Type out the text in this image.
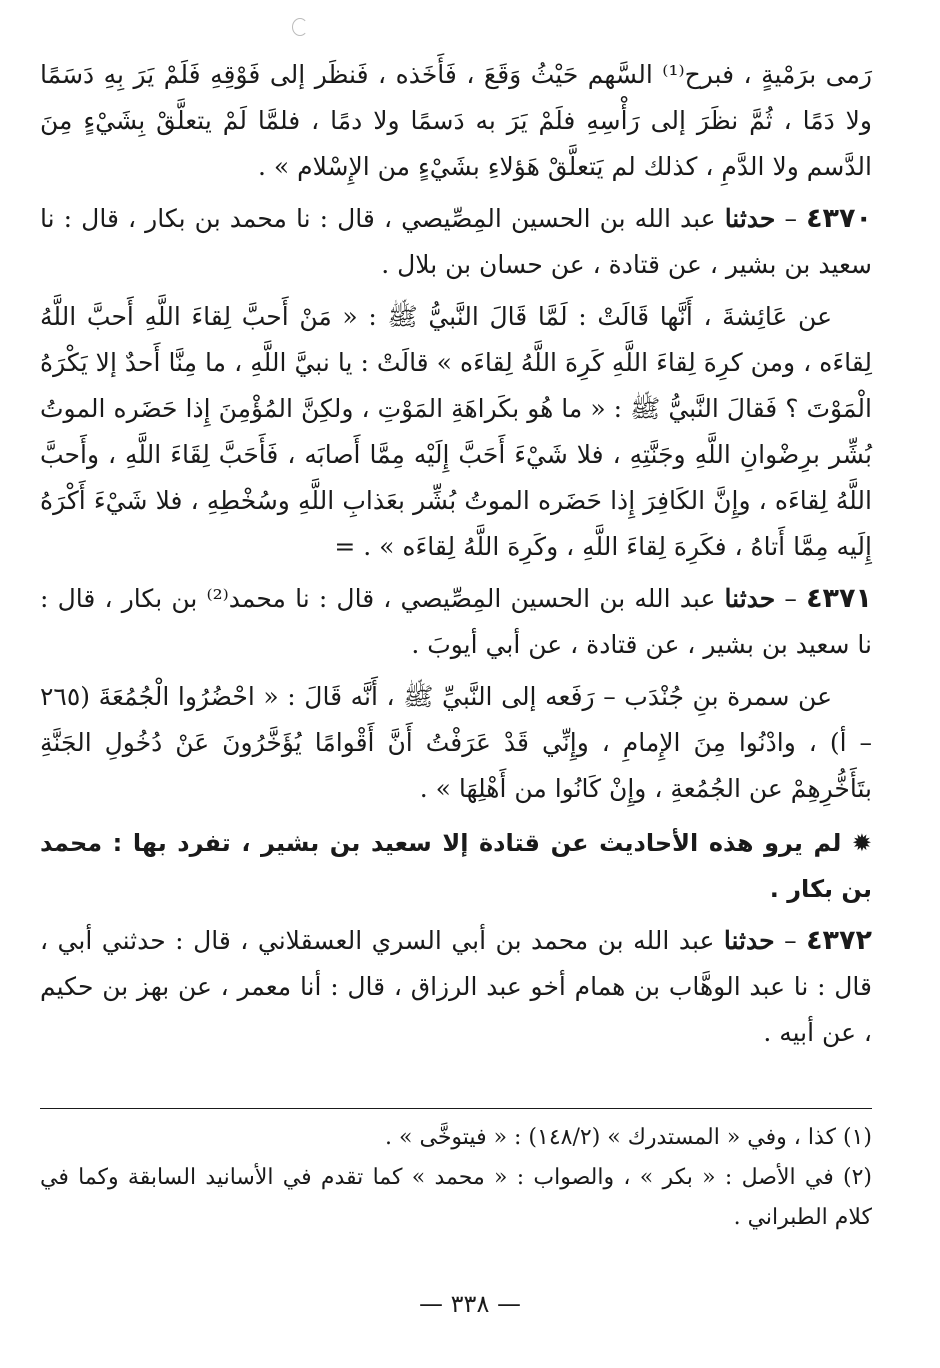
رَمى برَمْيةٍ ، فبرح⁽¹⁾ السَّهم حَيْثُ وَقَعَ ، فَأَخَذه ، فَنظَر إلى فَوْقِهِ فَلَمْ يَرَ بِهِ دَسَمًا ولا دَمًا ، ثُمَّ نظَرَ إلى رَأْسِهِ فلَمْ يَرَ به دَسمًا ولا دمًا ، فلمَّا لَمْ يتعلَّقْ بِشَيْءٍ مِنَ الدَّسم ولا الدَّمِ ، كذلك لم يَتعلَّقْ هَؤلاءِ بشَيْءٍ من الإِسْلام » .

٤٣٧٠ – حدثنا عبد الله بن الحسين المِصِّيصي ، قال : نا محمد بن بكار ، قال : نا سعيد بن بشير ، عن قتادة ، عن حسان بن بلال .

عن عَائِشةَ ، أَنَّها قَالَتْ : لَمَّا قَالَ النَّبيُّ ﷺ : « مَنْ أَحبَّ لِقاءَ اللَّهِ أَحبَّ اللَّهُ لِقاءَه ، ومن كرِهَ لِقاءَ اللَّهِ كَرِهَ اللَّهُ لِقاءَه » قالَتْ : يا نبيَّ اللَّهِ ، ما مِنَّا أَحدٌ إلا يَكْرَهُ الْمَوْتَ ؟ فَقالَ النَّبيُّ ﷺ : « ما هُو بكَراهَةِ المَوْتِ ، ولكِنَّ المُؤْمِنَ إِذا حَضَره الموتُ بُشِّر برِضْوانِ اللَّهِ وجَنَّتِهِ ، فلا شَيْءَ أَحَبَّ إِلَيْه مِمَّا أَصابَه ، فَأَحَبَّ لِقَاءَ اللَّهِ ، وأَحبَّ اللَّهُ لِقاءَه ، وإِنَّ الكَافِرَ إِذا حَضَره الموتُ بُشِّر بعَذابِ اللَّهِ وسُخْطِهِ ، فلا شَيْءَ أَكْرَهُ إِلَيه مِمَّا أَتاهُ ، فكَرِهَ لِقاءَ اللَّهِ ، وكَرِهَ اللَّهُ لِقاءَه » . =

٤٣٧١ – حدثنا عبد الله بن الحسين المِصِّيصي ، قال : نا محمد⁽²⁾ بن بكار ، قال : نا سعيد بن بشير ، عن قتادة ، عن أبي أيوبَ .

عن سمرة بنِ جُنْدَب – رَفَعه إلى النَّبيِّ ﷺ ، أَنَّه قَالَ : « احْضُرُوا الْجُمُعَةَ (٢٦٥ – أ) ، وادْنُوا مِنَ الإِمامِ ، وإِنِّي قَدْ عَرَفْتُ أَنَّ أَقْوامًا يُؤَخَّرُونَ عَنْ دُخُولِ الجَنَّةِ بتَأَخُّرِهِمْ عن الجُمُعةِ ، وإِنْ كَانُوا من أَهْلِهَا » .

✹ لم يرو هذه الأحاديث عن قتادة إلا سعيد بن بشير ، تفرد بها : محمد بن بكار .

٤٣٧٢ – حدثنا عبد الله بن محمد بن أبي السري العسقلاني ، قال : حدثني أبي ، قال : نا عبد الوهَّاب بن همام أخو عبد الرزاق ، قال : أنا معمر ، عن بهز بن حكيم ، عن أبيه .

(١) كذا ، وفي « المستدرك » (١٤٨/٢) : « فيتوخَّى » .

(٢) في الأصل : « بكر » ، والصواب : « محمد » كما تقدم في الأسانيد السابقة وكما في كلام الطبراني .

— ٣٣٨ —
